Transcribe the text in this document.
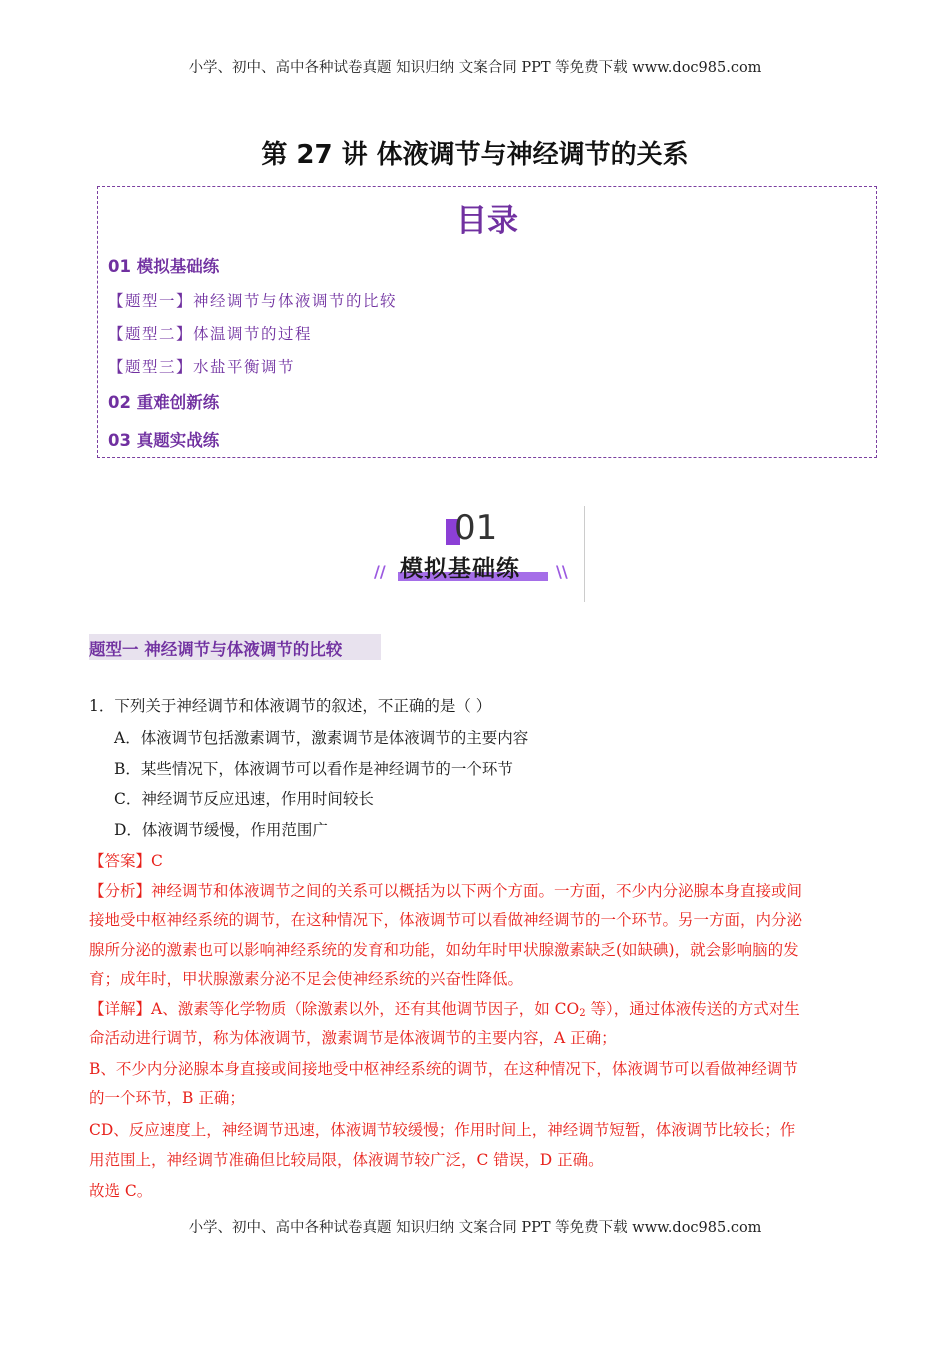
小学、初中、高中各种试卷真题 知识归纳 文案合同 PPT 等免费下载 www.doc985.com
第 27 讲 体液调节与神经调节的关系
目录
01 模拟基础练
【题型一】神经调节与体液调节的比较
【题型二】体温调节的过程
【题型三】水盐平衡调节
02 重难创新练
03 真题实战练
01
模拟基础练
//	\\
题型一 神经调节与体液调节的比较
1．下列关于神经调节和体液调节的叙述，不正确的是（ ）
A．体液调节包括激素调节，激素调节是体液调节的主要内容
B．某些情况下，体液调节可以看作是神经调节的一个环节
C．神经调节反应迅速，作用时间较长
D．体液调节缓慢，作用范围广
【答案】C
【分析】神经调节和体液调节之间的关系可以概括为以下两个方面。一方面，不少内分泌腺本身直接或间
接地受中枢神经系统的调节，在这种情况下，体液调节可以看做神经调节的一个环节。另一方面，内分泌
腺所分泌的激素也可以影响神经系统的发育和功能，如幼年时甲状腺激素缺乏(如缺碘)，就会影响脑的发
育；成年时，甲状腺激素分泌不足会使神经系统的兴奋性降低。
【详解】A、激素等化学物质（除激素以外，还有其他调节因子，如 $CO_2$ 等），通过体液传送的方式对生
命活动进行调节，称为体液调节，激素调节是体液调节的主要内容，A 正确；
B、不少内分泌腺本身直接或间接地受中枢神经系统的调节，在这种情况下，体液调节可以看做神经调节
的一个环节，B 正确；
CD、反应速度上，神经调节迅速，体液调节较缓慢；作用时间上，神经调节短暂，体液调节比较长；作
用范围上，神经调节准确但比较局限，体液调节较广泛，C 错误，D 正确。
故选 C。
小学、初中、高中各种试卷真题 知识归纳 文案合同 PPT 等免费下载 www.doc985.com
